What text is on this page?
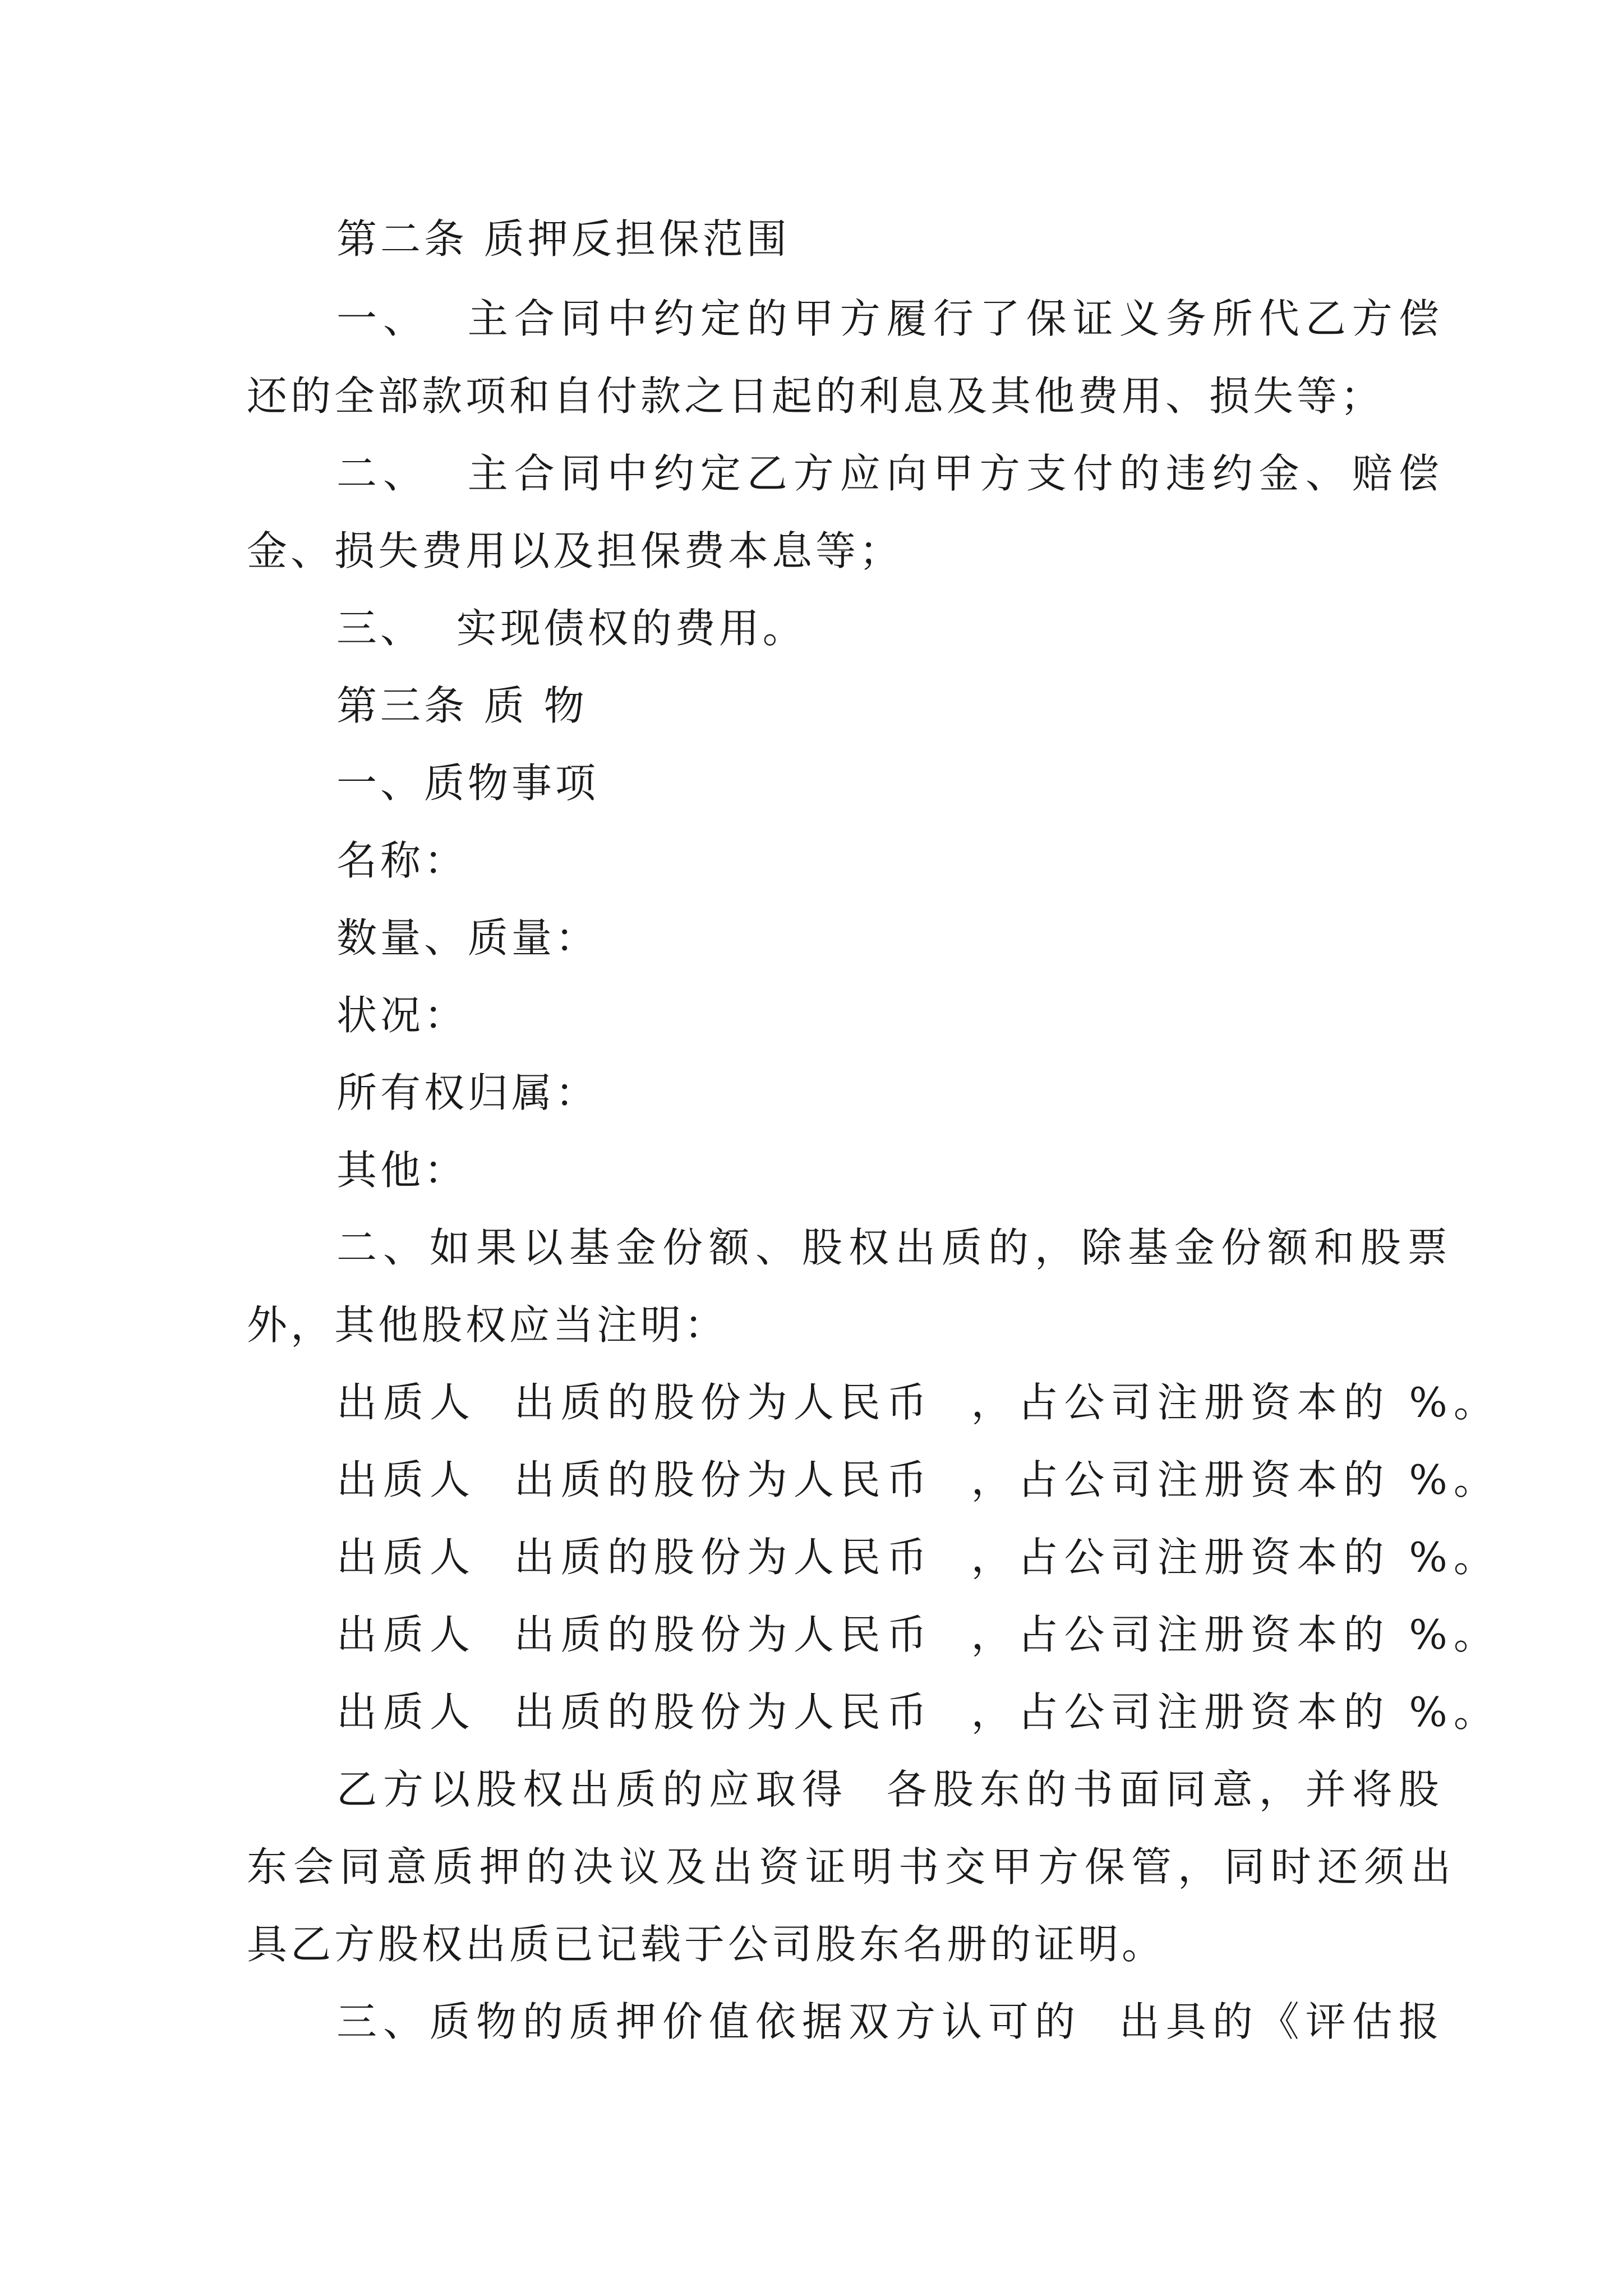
第二条 质押反担保范围
一、  主合同中约定的甲方履行了保证义务所代乙方偿
还的全部款项和自付款之日起的利息及其他费用、损失等；
二、  主合同中约定乙方应向甲方支付的违约金、赔偿
金、损失费用以及担保费本息等；
三、  实现债权的费用。
第三条 质 物
一、质物事项
名称：
数量、质量：
状况：
所有权归属：
其他：
二、如果以基金份额、股权出质的，除基金份额和股票
外，其他股权应当注明：
出质人  出质的股份为人民币  ，占公司注册资本的 %。
出质人  出质的股份为人民币  ，占公司注册资本的 %。
出质人  出质的股份为人民币  ，占公司注册资本的 %。
出质人  出质的股份为人民币  ，占公司注册资本的 %。
出质人  出质的股份为人民币  ，占公司注册资本的 %。
乙方以股权出质的应取得  各股东的书面同意，并将股
东会同意质押的决议及出资证明书交甲方保管，同时还须出
具乙方股权出质已记载于公司股东名册的证明。
三、质物的质押价值依据双方认可的  出具的《评估报
